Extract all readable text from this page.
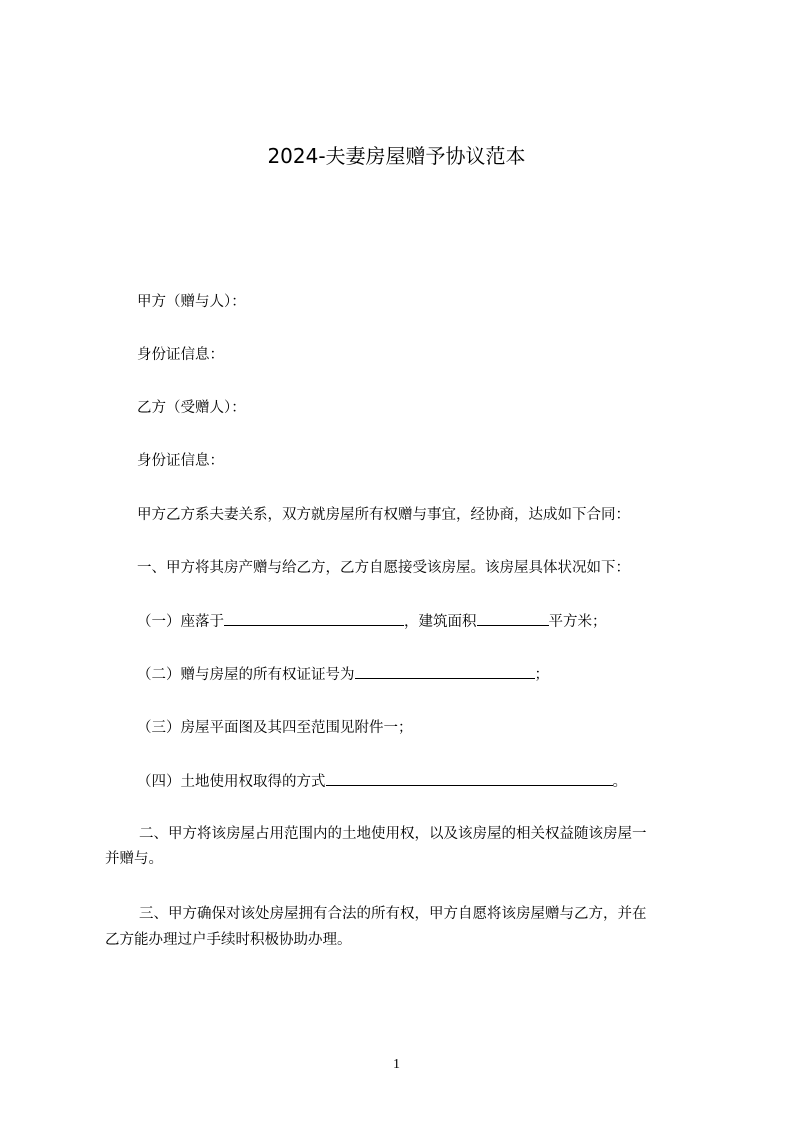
2024-夫妻房屋赠予协议范本
甲方（赠与人）：
身份证信息：
乙方（受赠人）：
身份证信息：
甲方乙方系夫妻关系，双方就房屋所有权赠与事宜，经协商，达成如下合同：
一、甲方将其房产赠与给乙方，乙方自愿接受该房屋。该房屋具体状况如下：
（一）座落于	，建筑面积	平方米；
（二）赠与房屋的所有权证证号为	；
（三）房屋平面图及其四至范围见附件一；
（四）土地使用权取得的方式	。
二、甲方将该房屋占用范围内的土地使用权，以及该房屋的相关权益随该房屋一
并赠与。
三、甲方确保对该处房屋拥有合法的所有权，甲方自愿将该房屋赠与乙方，并在
乙方能办理过户手续时积极协助办理。
1
